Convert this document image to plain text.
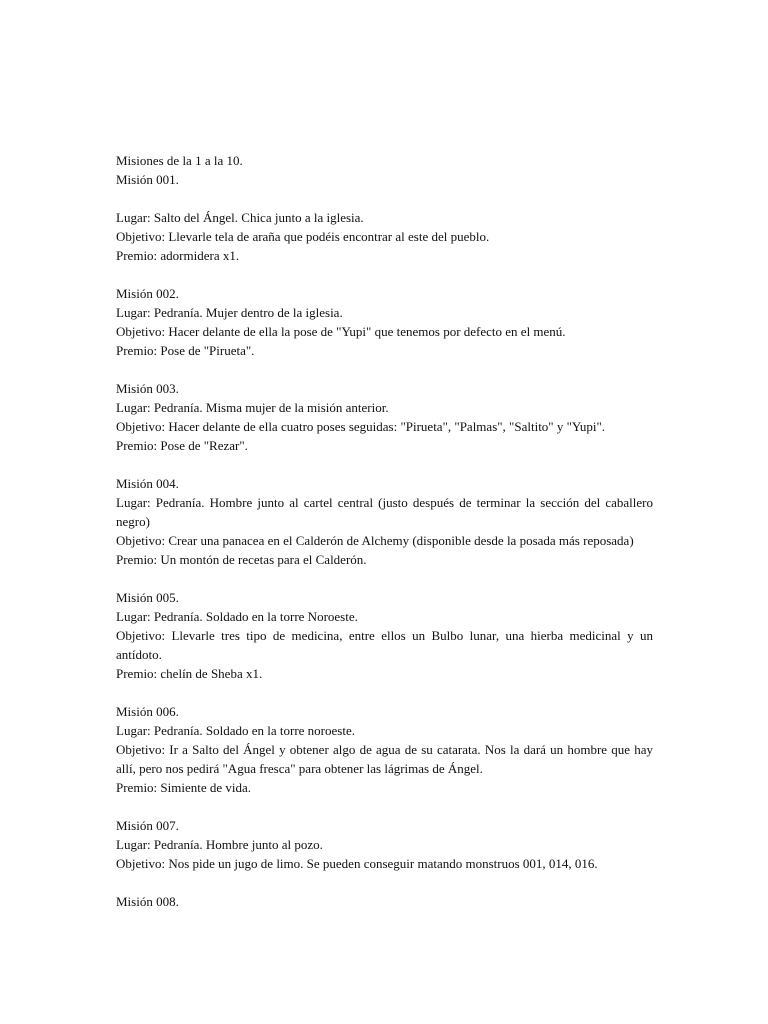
Misiones de la 1 a la 10.
Misión 001.
Lugar: Salto del Ángel. Chica junto a la iglesia.
Objetivo: Llevarle tela de araña que podéis encontrar al este del pueblo.
Premio: adormidera x1.
Misión 002.
Lugar: Pedranía. Mujer dentro de la iglesia.
Objetivo: Hacer delante de ella la pose de "Yupi" que tenemos por defecto en el menú.
Premio: Pose de "Pirueta".
Misión 003.
Lugar: Pedranía. Misma mujer de la misión anterior.
Objetivo: Hacer delante de ella cuatro poses seguidas: "Pirueta", "Palmas", "Saltito" y "Yupi".
Premio: Pose de "Rezar".
Misión 004.
Lugar: Pedranía. Hombre junto al cartel central (justo después de terminar la sección del caballero negro)
Objetivo: Crear una panacea en el Calderón de Alchemy (disponible desde la posada más reposada)
Premio: Un montón de recetas para el Calderón.
Misión 005.
Lugar: Pedranía. Soldado en la torre Noroeste.
Objetivo: Llevarle tres tipo de medicina, entre ellos un Bulbo lunar, una hierba medicinal y un antídoto.
Premio: chelín de Sheba x1.
Misión 006.
Lugar: Pedranía. Soldado en la torre noroeste.
Objetivo: Ir a Salto del Ángel y obtener algo de agua de su catarata. Nos la dará un hombre que hay allí, pero nos pedirá "Agua fresca" para obtener las lágrimas de Ángel.
Premio: Simiente de vida.
Misión 007.
Lugar: Pedranía. Hombre junto al pozo.
Objetivo: Nos pide un jugo de limo. Se pueden conseguir matando monstruos 001, 014, 016.
Misión 008.
